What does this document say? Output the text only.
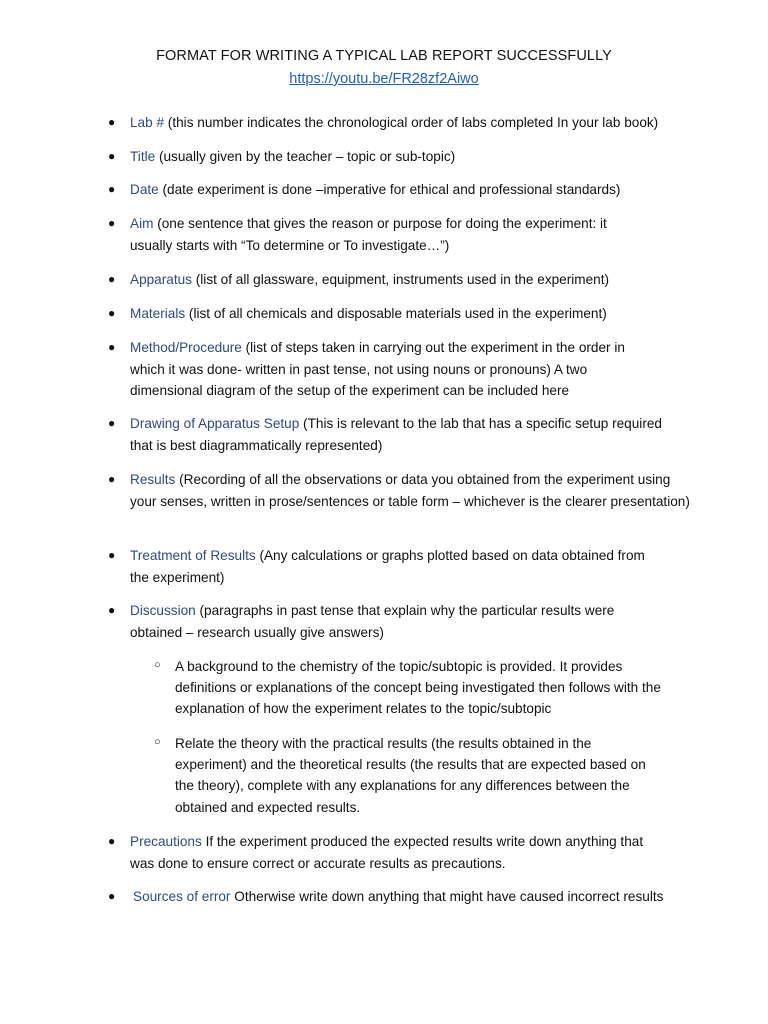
FORMAT FOR WRITING A TYPICAL LAB REPORT SUCCESSFULLY
https://youtu.be/FR28zf2Aiwo
● Lab # (this number indicates the chronological order of labs completed In your lab book)
● Title (usually given by the teacher – topic or sub-topic)
● Date (date experiment is done –imperative for ethical and professional standards)
● Aim (one sentence that gives the reason or purpose for doing the experiment: it usually starts with “To determine or To investigate…”)
● Apparatus (list of all glassware, equipment, instruments used in the experiment)
● Materials (list of all chemicals and disposable materials used in the experiment)
● Method/Procedure (list of steps taken in carrying out the experiment in the order in which it was done- written in past tense, not using nouns or pronouns) A two dimensional diagram of the setup of the experiment can be included here
● Drawing of Apparatus Setup (This is relevant to the lab that has a specific setup required that is best diagrammatically represented)
● Results (Recording of all the observations or data you obtained from the experiment using your senses, written in prose/sentences or table form – whichever is the clearer presentation)
● Treatment of Results (Any calculations or graphs plotted based on data obtained from the experiment)
● Discussion (paragraphs in past tense that explain why the particular results were obtained – research usually give answers)
○ A background to the chemistry of the topic/subtopic is provided. It provides definitions or explanations of the concept being investigated then follows with the explanation of how the experiment relates to the topic/subtopic
○ Relate the theory with the practical results (the results obtained in the experiment) and the theoretical results (the results that are expected based on the theory), complete with any explanations for any differences between the obtained and expected results.
● Precautions If the experiment produced the expected results write down anything that was done to ensure correct or accurate results as precautions.
● Sources of error Otherwise write down anything that might have caused incorrect results
